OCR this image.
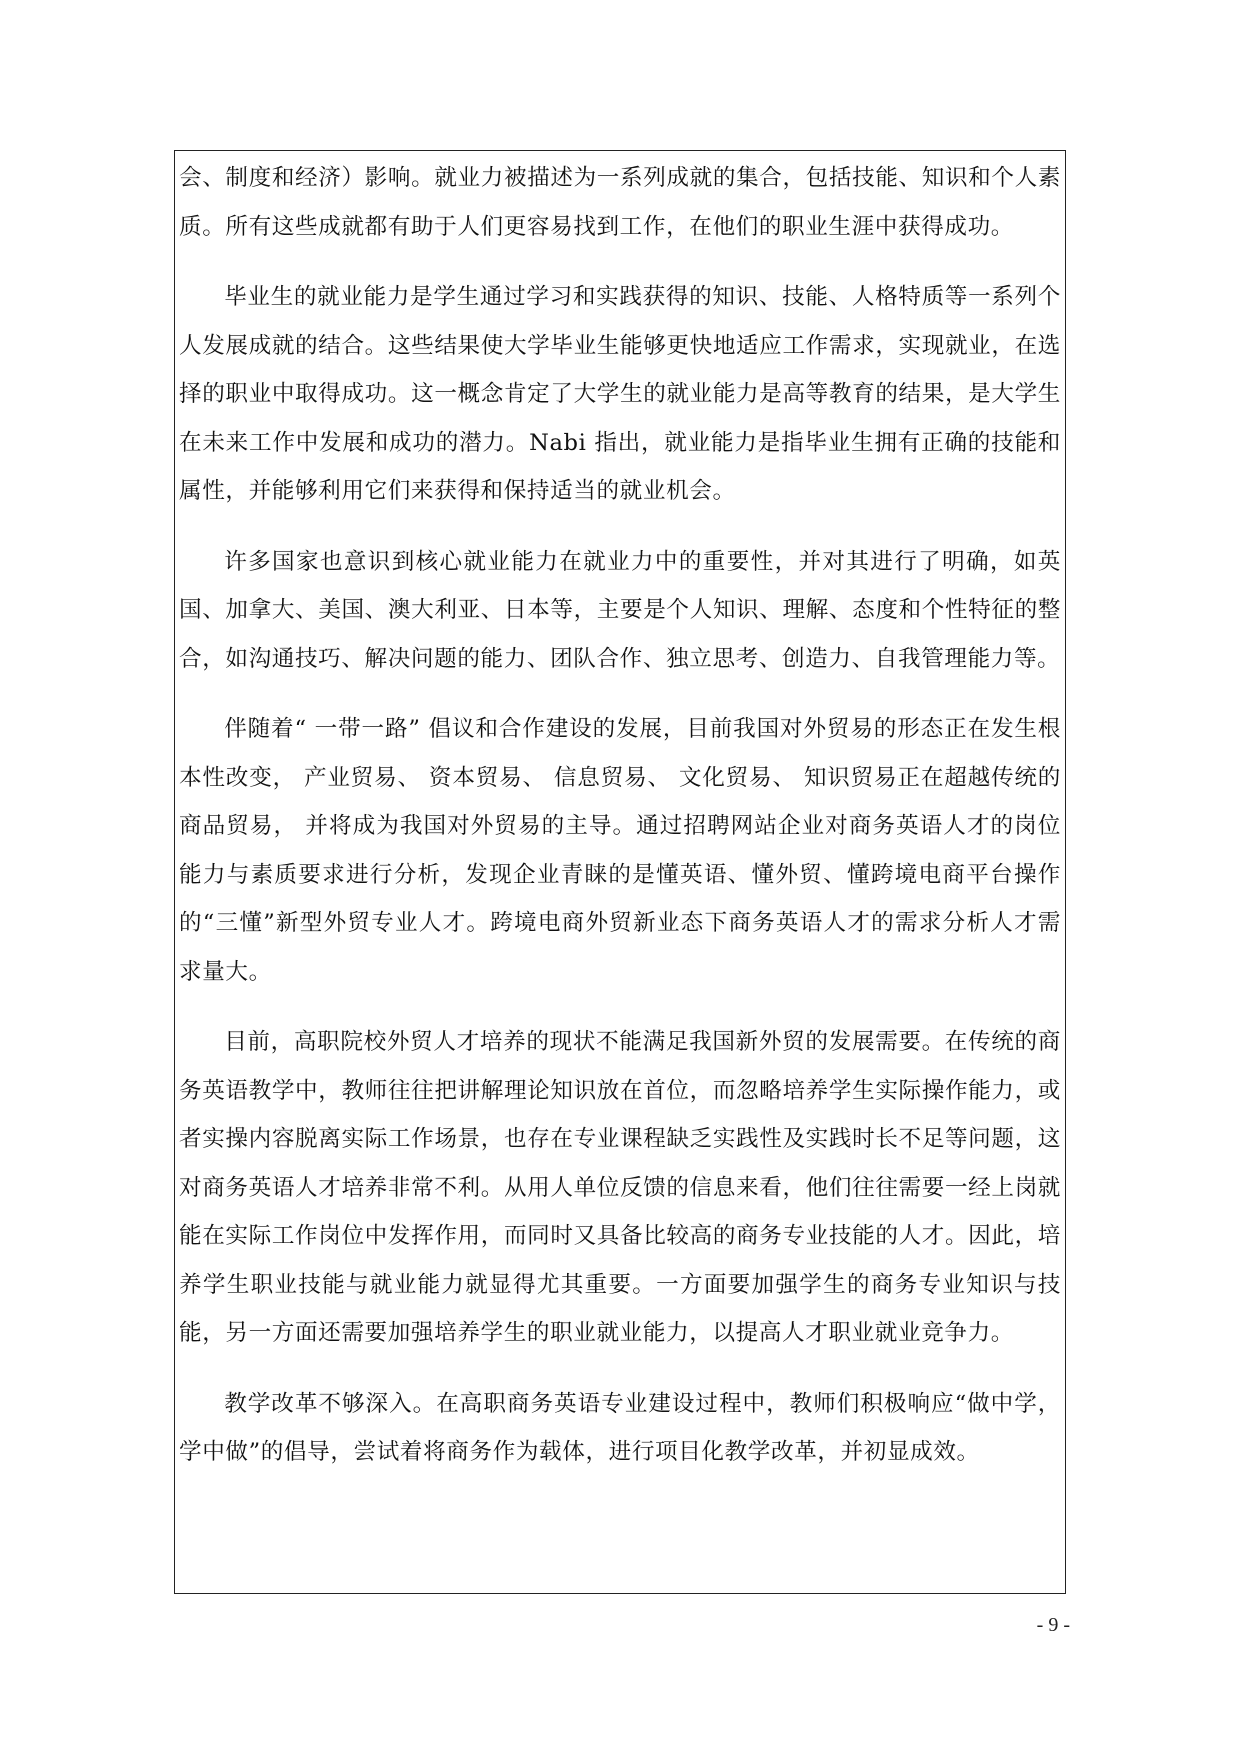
会、制度和经济）影响。就业力被描述为一系列成就的集合，包括技能、知识和个人素质。所有这些成就都有助于人们更容易找到工作，在他们的职业生涯中获得成功。

毕业生的就业能力是学生通过学习和实践获得的知识、技能、人格特质等一系列个人发展成就的结合。这些结果使大学毕业生能够更快地适应工作需求，实现就业，在选择的职业中取得成功。这一概念肯定了大学生的就业能力是高等教育的结果，是大学生在未来工作中发展和成功的潜力。Nabi 指出，就业能力是指毕业生拥有正确的技能和属性，并能够利用它们来获得和保持适当的就业机会。

许多国家也意识到核心就业能力在就业力中的重要性，并对其进行了明确，如英国、加拿大、美国、澳大利亚、日本等，主要是个人知识、理解、态度和个性特征的整合，如沟通技巧、解决问题的能力、团队合作、独立思考、创造力、自我管理能力等。

伴随着“ 一带一路” 倡议和合作建设的发展，目前我国对外贸易的形态正在发生根本性改变， 产业贸易、 资本贸易、 信息贸易、 文化贸易、 知识贸易正在超越传统的商品贸易， 并将成为我国对外贸易的主导。通过招聘网站企业对商务英语人才的岗位能力与素质要求进行分析，发现企业青睐的是懂英语、懂外贸、懂跨境电商平台操作的“三懂”新型外贸专业人才。跨境电商外贸新业态下商务英语人才的需求分析人才需求量大。

目前，高职院校外贸人才培养的现状不能满足我国新外贸的发展需要。在传统的商务英语教学中，教师往往把讲解理论知识放在首位，而忽略培养学生实际操作能力，或者实操内容脱离实际工作场景，也存在专业课程缺乏实践性及实践时长不足等问题，这对商务英语人才培养非常不利。从用人单位反馈的信息来看，他们往往需要一经上岗就能在实际工作岗位中发挥作用，而同时又具备比较高的商务专业技能的人才。因此，培养学生职业技能与就业能力就显得尤其重要。一方面要加强学生的商务专业知识与技能，另一方面还需要加强培养学生的职业就业能力，以提高人才职业就业竞争力。

教学改革不够深入。在高职商务英语专业建设过程中，教师们积极响应“做中学，学中做”的倡导，尝试着将商务作为载体，进行项目化教学改革，并初显成效。

- 9 -
